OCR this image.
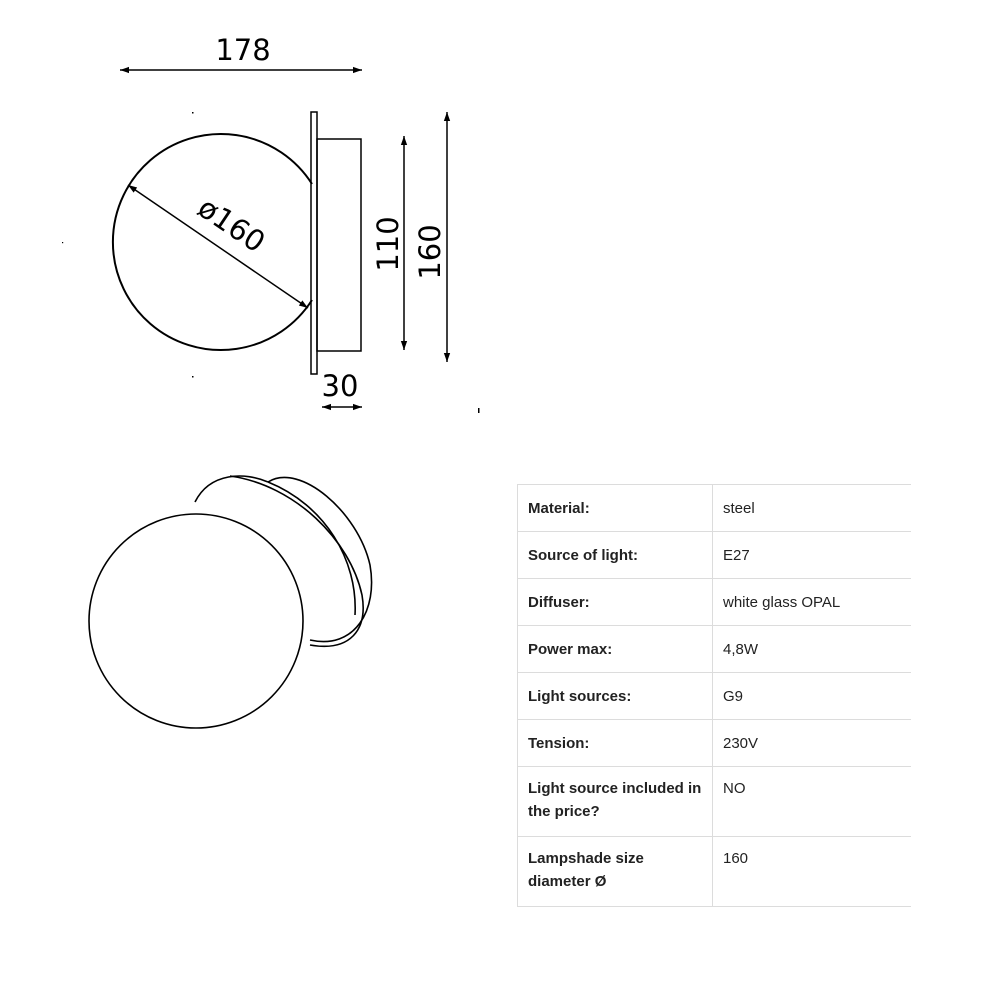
178
ø160	110 160
30
Material:	steel
Source of light:	E27
Diffuser:	white glass OPAL
Power max:	4,8W
Light sources:	G9
Tension:	230V
Light source included in the price?	NO
Lampshade size diameter Ø	160
